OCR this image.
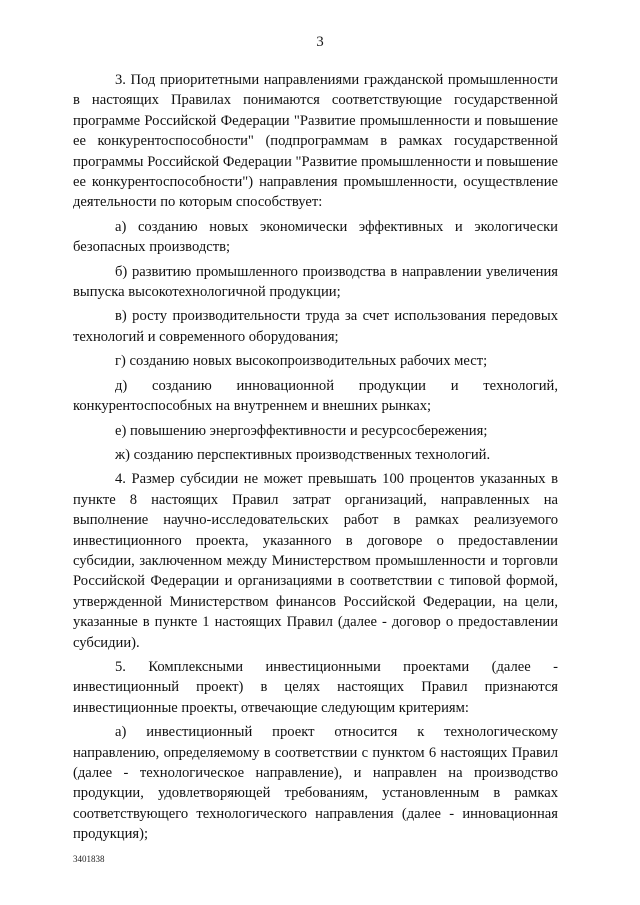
3

3. Под приоритетными направлениями гражданской промышленности в настоящих Правилах понимаются соответствующие государственной программе Российской Федерации "Развитие промышленности и повышение ее конкурентоспособности" (подпрограммам в рамках государственной программы Российской Федерации "Развитие промышленности и повышение ее конкурентоспособности") направления промышленности, осуществление деятельности по которым способствует:

а) созданию новых экономически эффективных и экологически безопасных производств;

б) развитию промышленного производства в направлении увеличения выпуска высокотехнологичной продукции;

в) росту производительности труда за счет использования передовых технологий и современного оборудования;

г) созданию новых высокопроизводительных рабочих мест;

д) созданию инновационной продукции и технологий, конкурентоспособных на внутреннем и внешних рынках;

е) повышению энергоэффективности и ресурсосбережения;

ж) созданию перспективных производственных технологий.

4. Размер субсидии не может превышать 100 процентов указанных в пункте 8 настоящих Правил затрат организаций, направленных на выполнение научно-исследовательских работ в рамках реализуемого инвестиционного проекта, указанного в договоре о предоставлении субсидии, заключенном между Министерством промышленности и торговли Российской Федерации и организациями в соответствии с типовой формой, утвержденной Министерством финансов Российской Федерации, на цели, указанные в пункте 1 настоящих Правил (далее - договор о предоставлении субсидии).

5. Комплексными инвестиционными проектами (далее - инвестиционный проект) в целях настоящих Правил признаются инвестиционные проекты, отвечающие следующим критериям:

а) инвестиционный проект относится к технологическому направлению, определяемому в соответствии с пунктом 6 настоящих Правил (далее - технологическое направление), и направлен на производство продукции, удовлетворяющей требованиям, установленным в рамках соответствующего технологического направления (далее - инновационная продукция);

3401838
